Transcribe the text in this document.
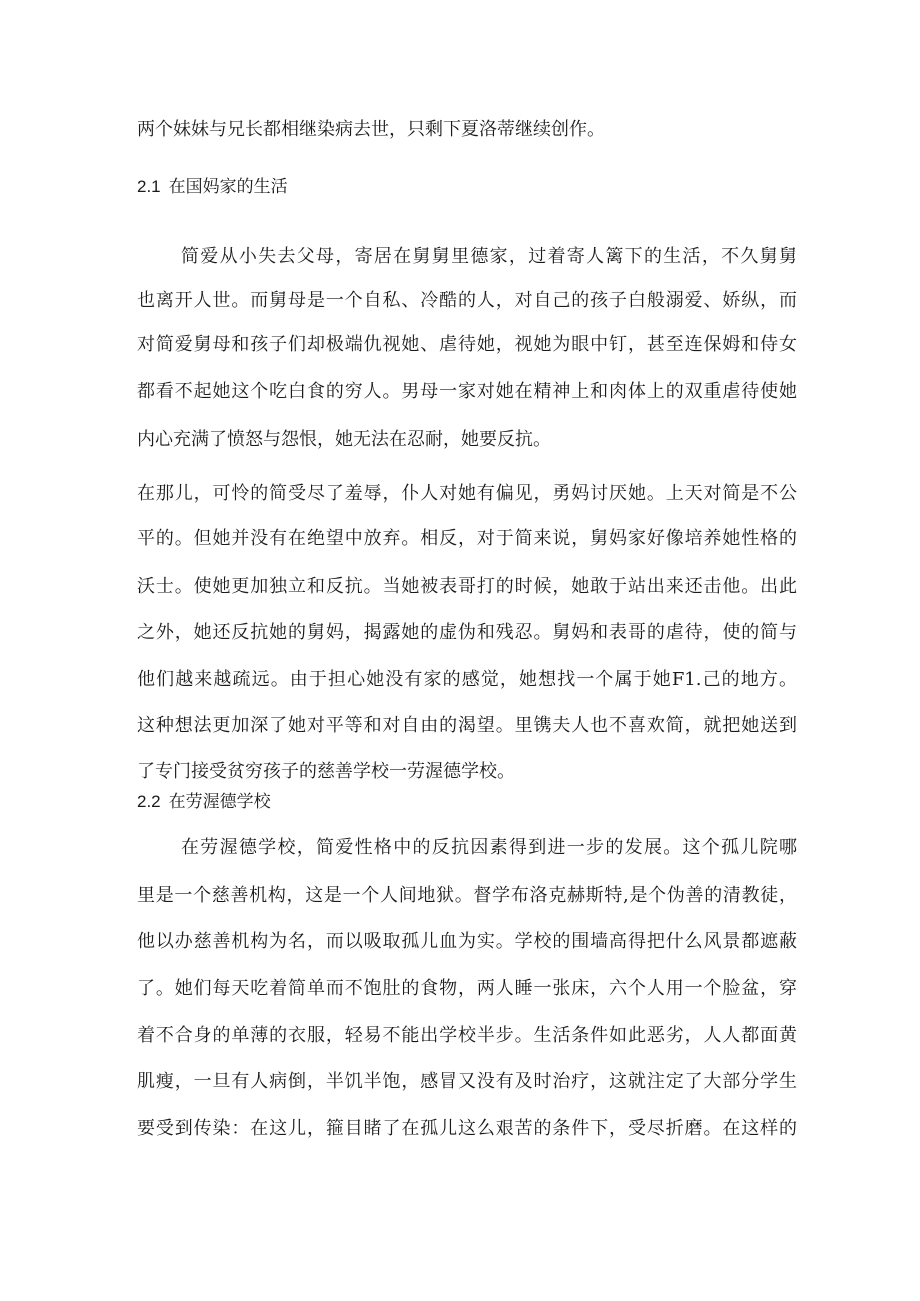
两个妹妹与兄长都相继染病去世，只剩下夏洛蒂继续创作。
2.1 在国妈家的生活
简爱从小失去父母，寄居在舅舅里德家，过着寄人篱下的生活，不久舅舅
也离开人世。而舅母是一个自私、冷酷的人，对自己的孩子白般溺爱、娇纵，而
对简爱舅母和孩子们却极端仇视她、虐待她，视她为眼中钉，甚至连保姆和侍女
都看不起她这个吃白食的穷人。男母一家对她在精神上和肉体上的双重虐待使她
内心充满了愤怒与怨恨，她无法在忍耐，她要反抗。
在那儿，可怜的简受尽了羞辱，仆人对她有偏见，勇妈讨厌她。上天对简是不公
平的。但她并没有在绝望中放弃。相反，对于简来说，舅妈家好像培养她性格的
沃士。使她更加独立和反抗。当她被表哥打的时候，她敢于站出来还击他。出此
之外，她还反抗她的舅妈，揭露她的虚伪和残忍。舅妈和表哥的虐待，使的简与
他们越来越疏远。由于担心她没有家的感觉，她想找一个属于她F1.己的地方。
这种想法更加深了她对平等和对自由的渴望。里镌夫人也不喜欢简，就把她送到
了专门接受贫穷孩子的慈善学校一劳渥德学校。
2.2 在劳渥德学校
在劳渥德学校，简爱性格中的反抗因素得到进一步的发展。这个孤儿院哪
里是一个慈善机构，这是一个人间地狱。督学布洛克赫斯特,是个伪善的清教徒，
他以办慈善机构为名，而以吸取孤儿血为实。学校的围墙高得把什么风景都遮蔽
了。她们每天吃着简单而不饱肚的食物，两人睡一张床，六个人用一个脸盆，穿
着不合身的单薄的衣服，轻易不能出学校半步。生活条件如此恶劣，人人都面黄
肌瘦，一旦有人病倒，半饥半饱，感冒又没有及时治疗，这就注定了大部分学生
要受到传染：在这儿，箍目睹了在孤儿这么艰苦的条件下，受尽折磨。在这样的
